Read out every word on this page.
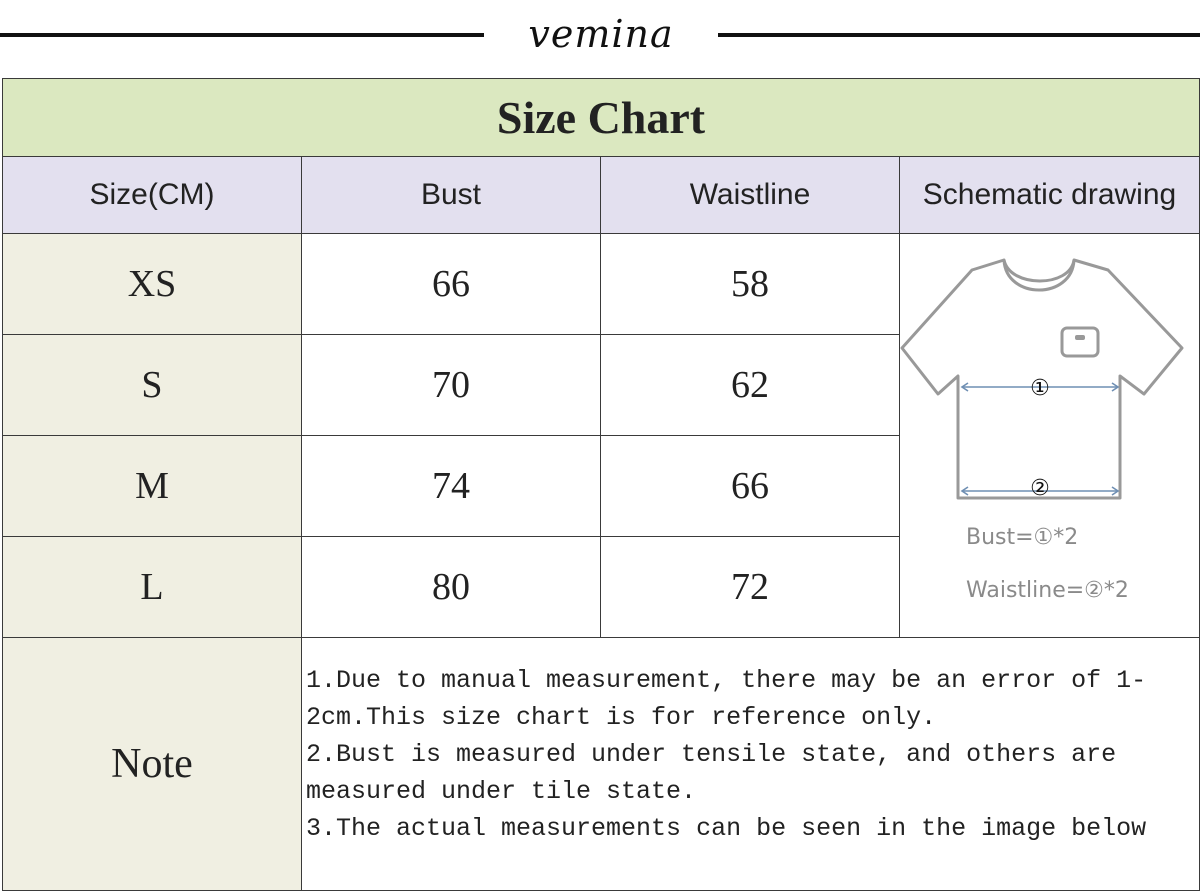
vemina
Size Chart			
Size(CM)	Bust	Waistline	Schematic drawing
XS	66	58	①
②
Bust=①*2
Waistline=②*2

S	70	62	
M	74	66	
L	80	72	
Note	1.Due to manual measurement, there may be an error of 1-
2cm.This size chart is for reference only.
2.Bust is measured under tensile state, and others are
measured under tile state.
3.The actual measurements can be seen in the image below		
